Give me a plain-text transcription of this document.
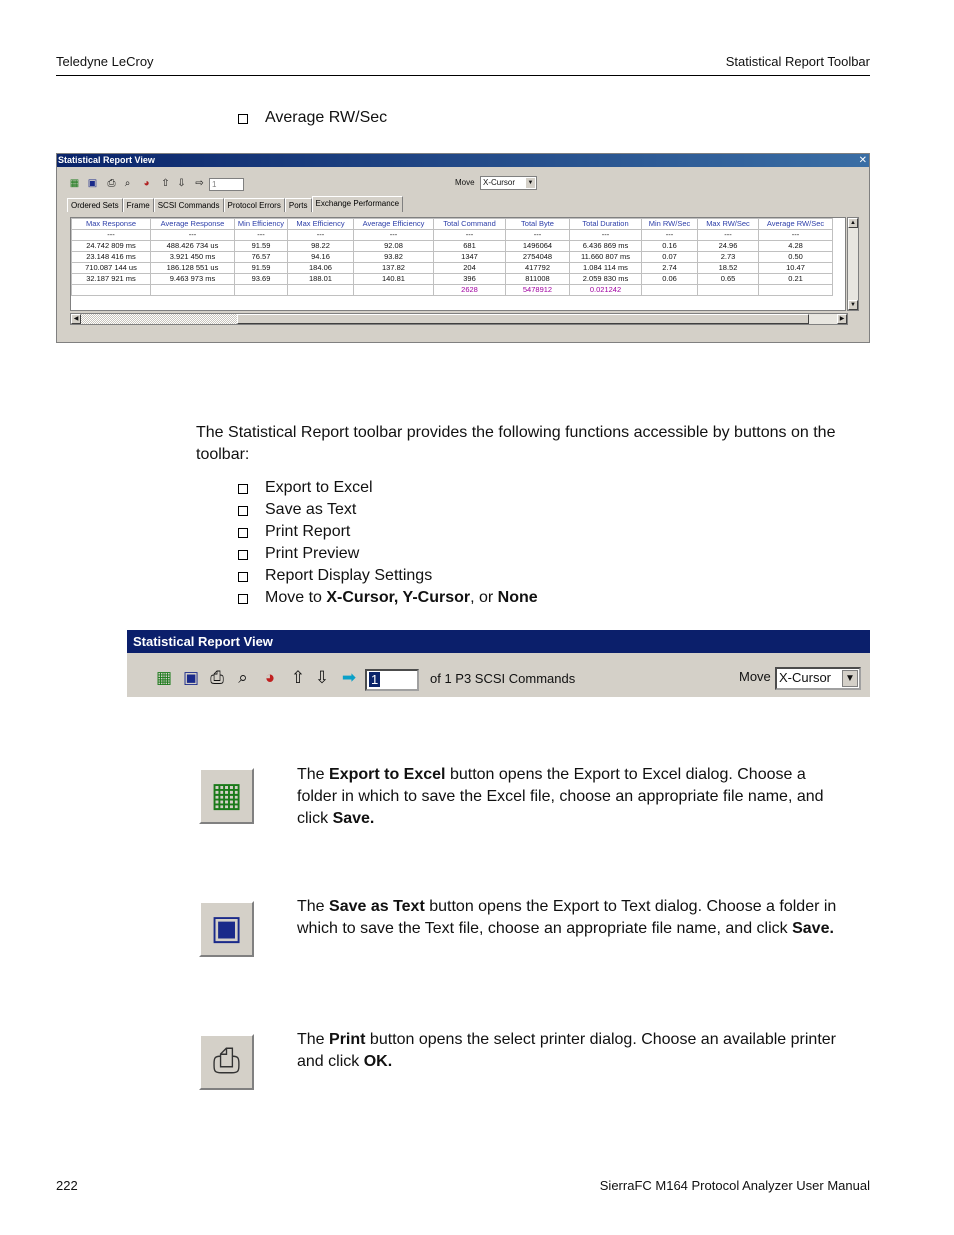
Teledyne LeCroy	Statistical Report Toolbar
Average RW/Sec
Statistical Report View	✕
▦ ▣ ⎙ ⌕ ◕ ⇧ ⇩ ⇨	1	Move	X-Cursor ▼
Ordered Sets	Frame	SCSI Commands	Protocol Errors	Ports	Exchange Performance
Max Response	Average Response	Min Efficiency	Max Efficiency	Average Efficiency	Total Command	Total Byte	Total Duration	Min RW/Sec	Max RW/Sec	Average RW/Sec
---	---	---	---	---	---	---	---	---	---	---
24.742 809 ms	488.426 734 us	91.59	98.22	92.08	681	1496064	6.436 869 ms	0.16	24.96	4.28
23.148 416 ms	3.921 450 ms	76.57	94.16	93.82	1347	2754048	11.660 807 ms	0.07	2.73	0.50
710.087 144 us	186.128 551 us	91.59	184.06	137.82	204	417792	1.084 114 ms	2.74	18.52	10.47
32.187 921 ms	9.463 973 ms	93.69	188.01	140.81	396	811008	2.059 830 ms	0.06	0.65	0.21
					2628	5478912	0.021242			
▲
▼
◀	▶
The Statistical Report toolbar provides the following functions accessible by buttons on the toolbar:
Export to Excel
Save as Text
Print Report
Print Preview
Report Display Settings
Move to X-Cursor, Y-Cursor , or None
Statistical Report View
▦ ▣ ⎙ ⌕	◕ ⇧ ⇩ ➡	1	of 1 P3 SCSI Commands	Move X-Cursor	▼
▦
The Export to Excel button opens the Export to Excel dialog. Choose a folder in which to save the Excel file, choose an appropriate file name, and click Save.
▣
The Save as Text button opens the Export to Text dialog. Choose a folder in which to save the Text file, choose an appropriate file name, and click Save.
⎙
The Print button opens the select printer dialog. Choose an available printer and click OK.
222	SierraFC M164 Protocol Analyzer User Manual
